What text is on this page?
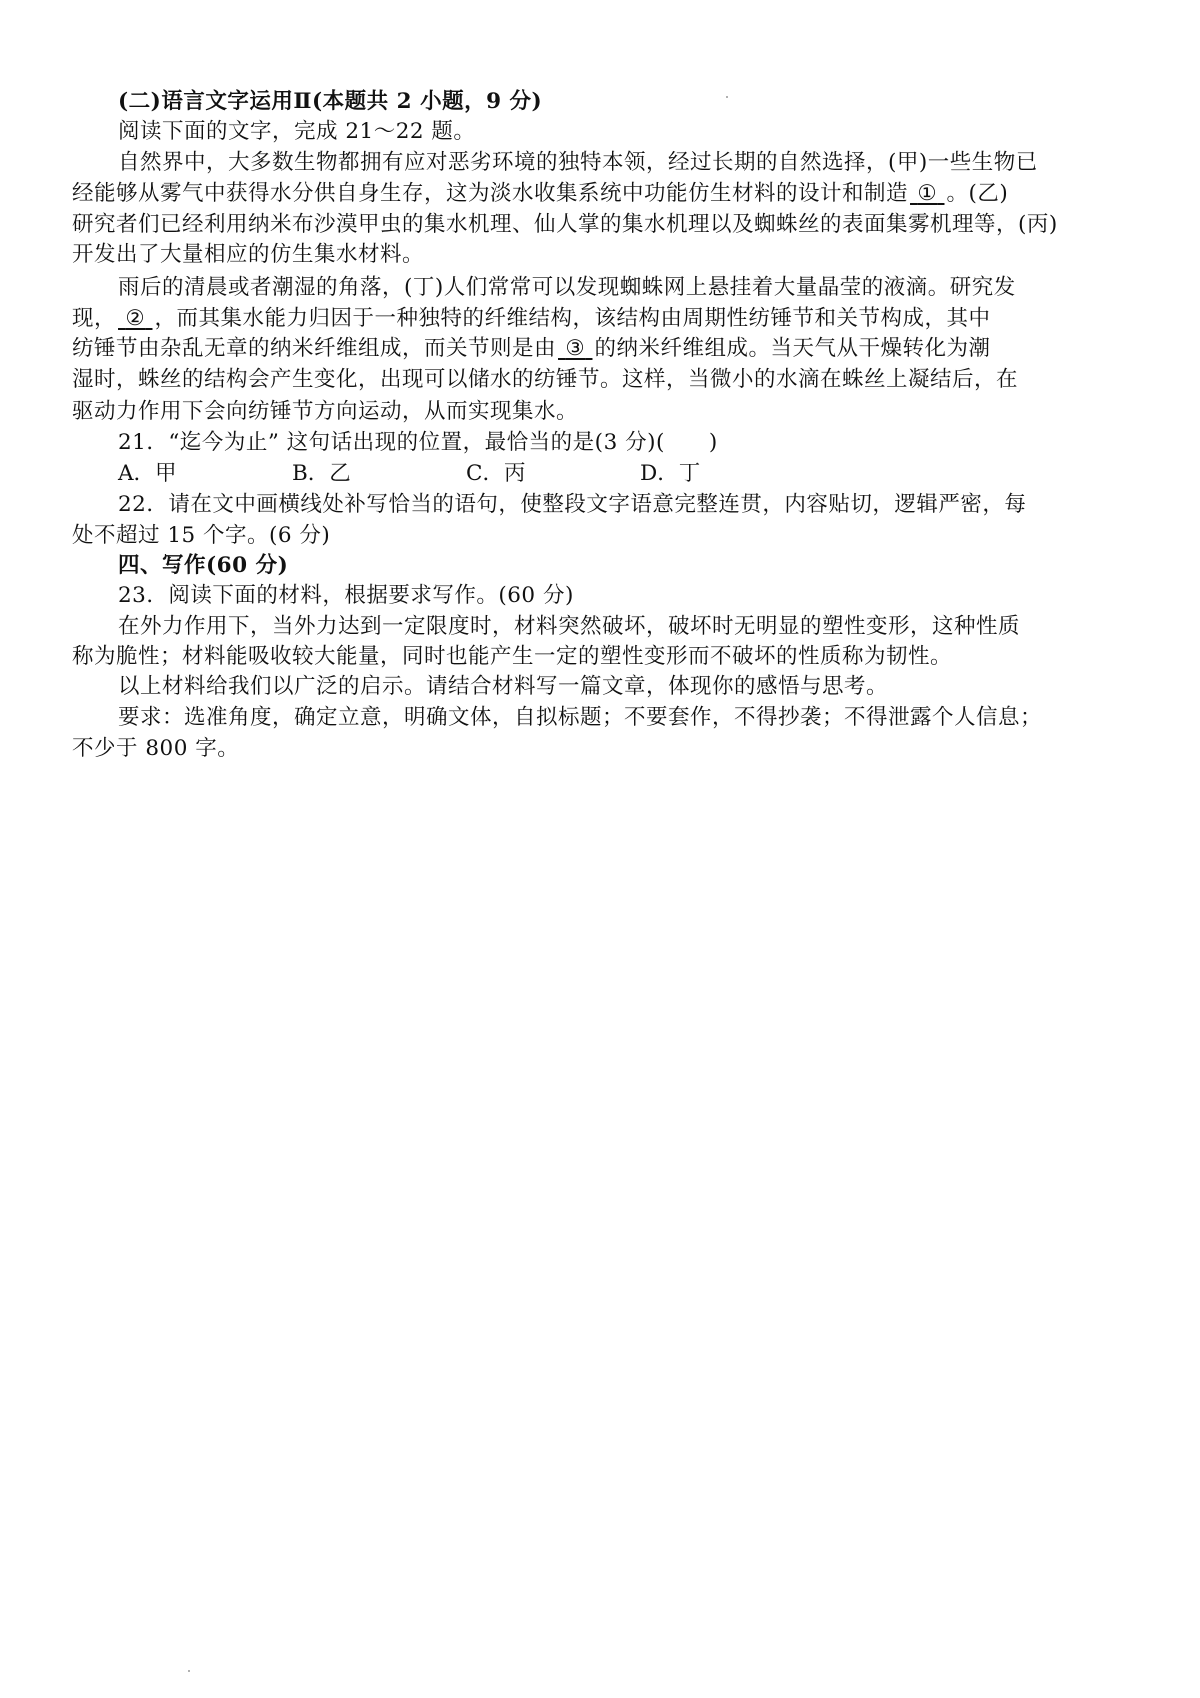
(二)语言文字运用Ⅱ(本题共 2 小题，9 分)
阅读下面的文字，完成 21～22 题。
自然界中，大多数生物都拥有应对恶劣环境的独特本领，经过长期的自然选择，(甲)一些生物已
经能够从雾气中获得水分供自身生存，这为淡水收集系统中功能仿生材料的设计和制造 ① 。(乙)
研究者们已经利用纳米布沙漠甲虫的集水机理、仙人掌的集水机理以及蜘蛛丝的表面集雾机理等，(丙)
开发出了大量相应的仿生集水材料。
雨后的清晨或者潮湿的角落，(丁)人们常常可以发现蜘蛛网上悬挂着大量晶莹的液滴。研究发
现， ② ，而其集水能力归因于一种独特的纤维结构，该结构由周期性纺锤节和关节构成，其中
纺锤节由杂乱无章的纳米纤维组成，而关节则是由 ③ 的纳米纤维组成。当天气从干燥转化为潮
湿时，蛛丝的结构会产生变化，出现可以储水的纺锤节。这样，当微小的水滴在蛛丝上凝结后，在
驱动力作用下会向纺锤节方向运动，从而实现集水。
21．“迄今为止” 这句话出现的位置，最恰当的是(3 分)(　　)
A．甲	B．乙	C．丙	D．丁
22．请在文中画横线处补写恰当的语句，使整段文字语意完整连贯，内容贴切，逻辑严密，每
处不超过 15 个字。(6 分)
四、写作(60 分)
23．阅读下面的材料，根据要求写作。(60 分)
在外力作用下，当外力达到一定限度时，材料突然破坏，破坏时无明显的塑性变形，这种性质
称为脆性；材料能吸收较大能量，同时也能产生一定的塑性变形而不破坏的性质称为韧性。
以上材料给我们以广泛的启示。请结合材料写一篇文章，体现你的感悟与思考。
要求：选准角度，确定立意，明确文体，自拟标题；不要套作，不得抄袭；不得泄露个人信息；
不少于 800 字。
